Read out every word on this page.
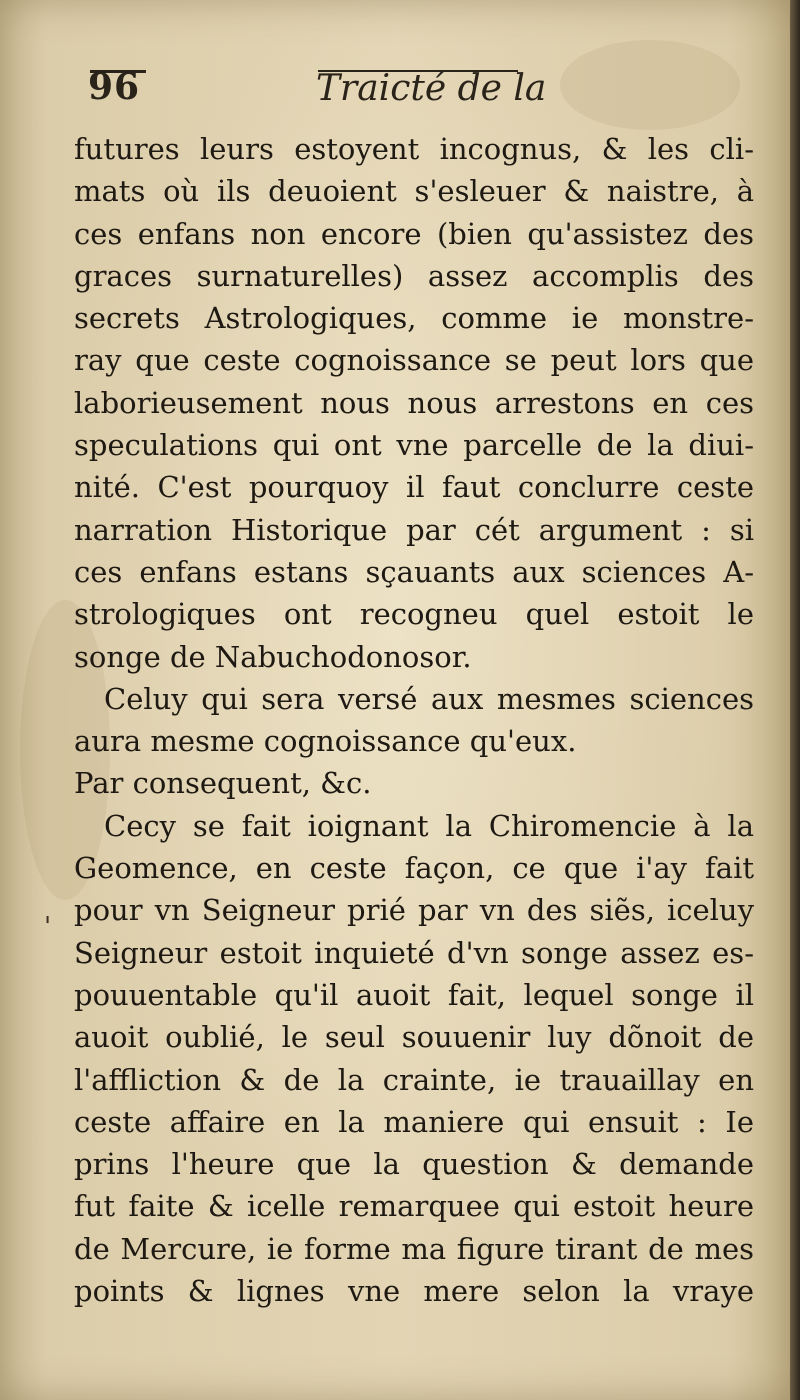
96	Traicté de la
'
futures leurs estoyent incognus, & les cli-
mats où ils deuoient s'esleuer & naistre, à
ces enfans non encore (bien qu'assistez des
graces surnaturelles) assez accomplis des
secrets Astrologiques, comme ie monstre-
ray que ceste cognoissance se peut lors que
laborieusement nous nous arrestons en ces
speculations qui ont vne parcelle de la diui-
nité. C'est pourquoy il faut conclurre ceste
narration Historique par cét argument : si
ces enfans estans sçauants aux sciences A-
strologiques ont recogneu quel estoit le
songe de Nabuchodonosor.
Celuy qui sera versé aux mesmes sciences
aura mesme cognoissance qu'eux.
Par consequent, &c.
Cecy se fait ioignant la Chiromencie à la
Geomence, en ceste façon, ce que i'ay fait
pour vn Seigneur prié par vn des siẽs, iceluy
Seigneur estoit inquieté d'vn songe assez es-
pouuentable qu'il auoit fait, lequel songe il
auoit oublié, le seul souuenir luy dõnoit de
l'affliction & de la crainte, ie trauaillay en
ceste affaire en la maniere qui ensuit : Ie
prins l'heure que la question & demande
fut faite & icelle remarquee qui estoit heure
de Mercure, ie forme ma figure tirant de mes
points & lignes vne mere selon la vraye
